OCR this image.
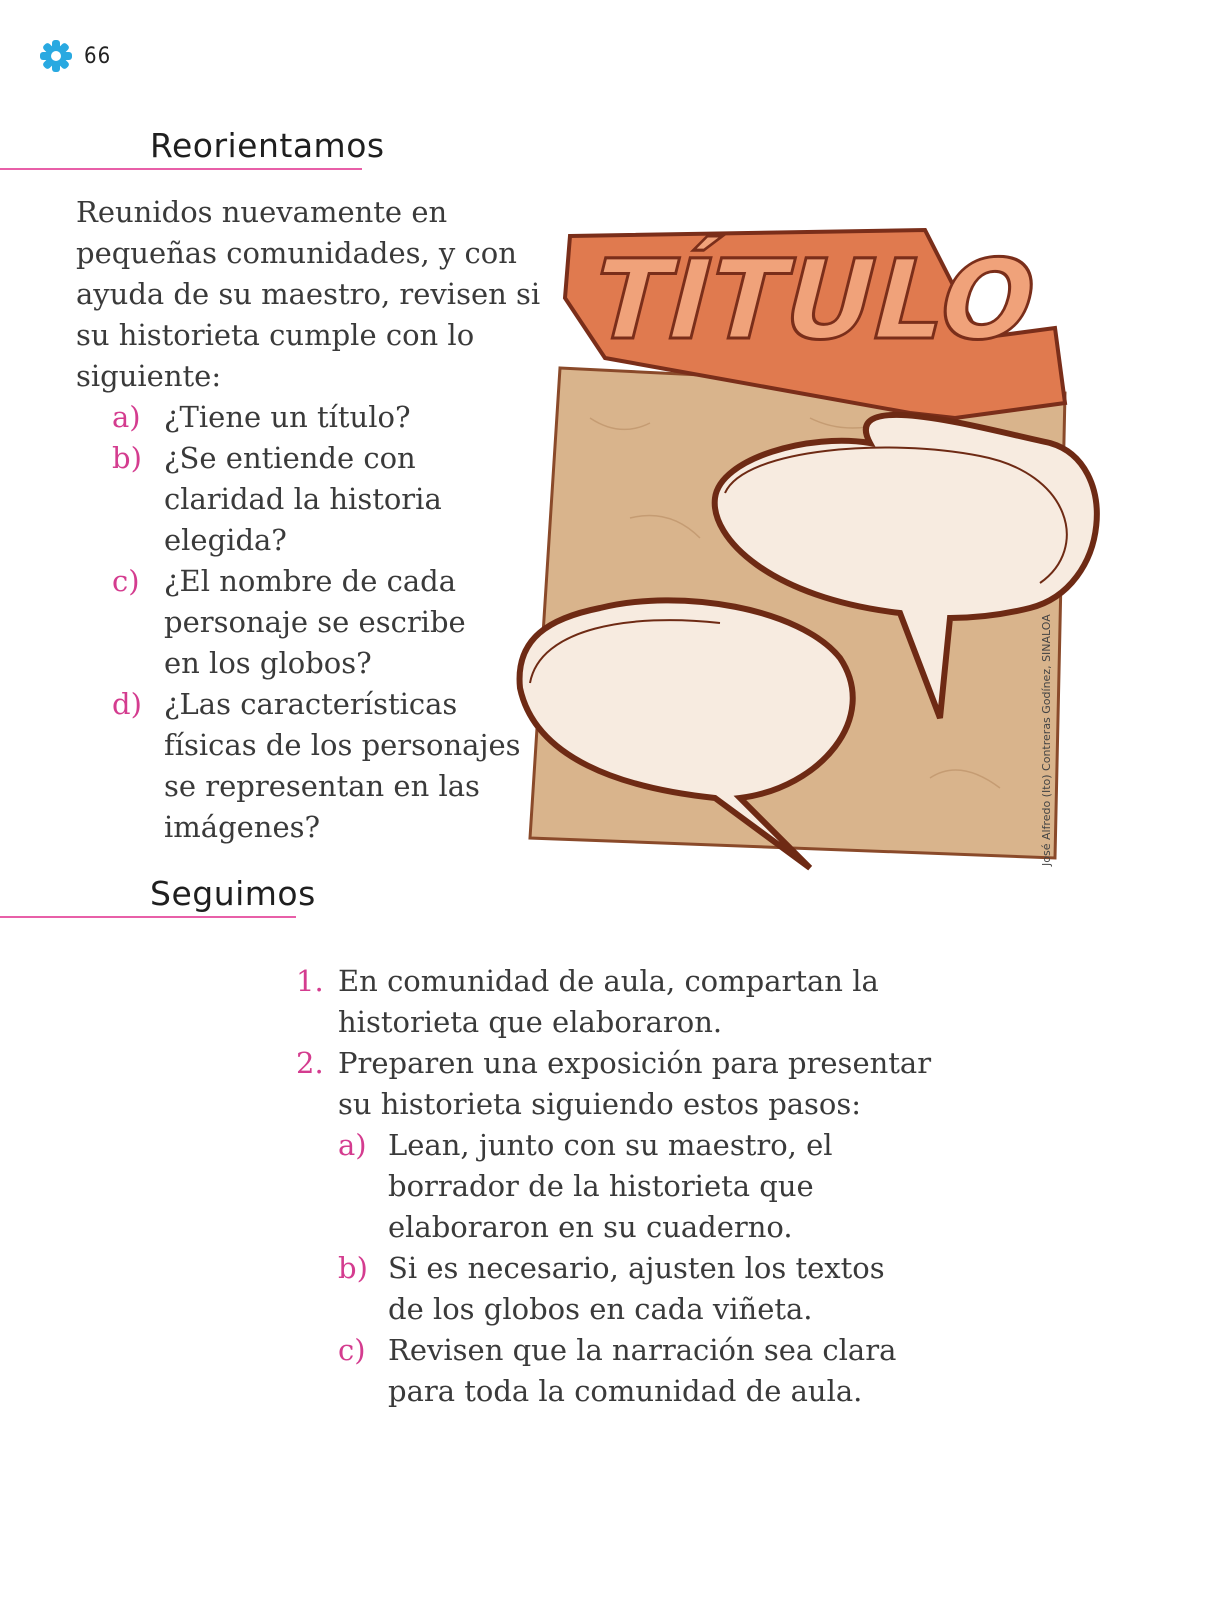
66
Reorientamos
Reunidos nuevamente en pequeñas comunidades, y con ayuda de su maestro, revisen si su historieta cumple con lo siguiente:
a) ¿Tiene un título?
b) ¿Se entiende con claridad la historia elegida?
c) ¿El nombre de cada personaje se escribe en los globos?
d) ¿Las características físicas de los personajes se representan en las imágenes?
TÍTULO
José Alfredo (Ito) Contreras Godínez, SINALOA
Seguimos
1. En comunidad de aula, compartan la historieta que elaboraron.
2. Preparen una exposición para presentar su historieta siguiendo estos pasos:
a) Lean, junto con su maestro, el borrador de la historieta que elaboraron en su cuaderno.
b) Si es necesario, ajusten los textos de los globos en cada viñeta.
c) Revisen que la narración sea clara para toda la comunidad de aula.
